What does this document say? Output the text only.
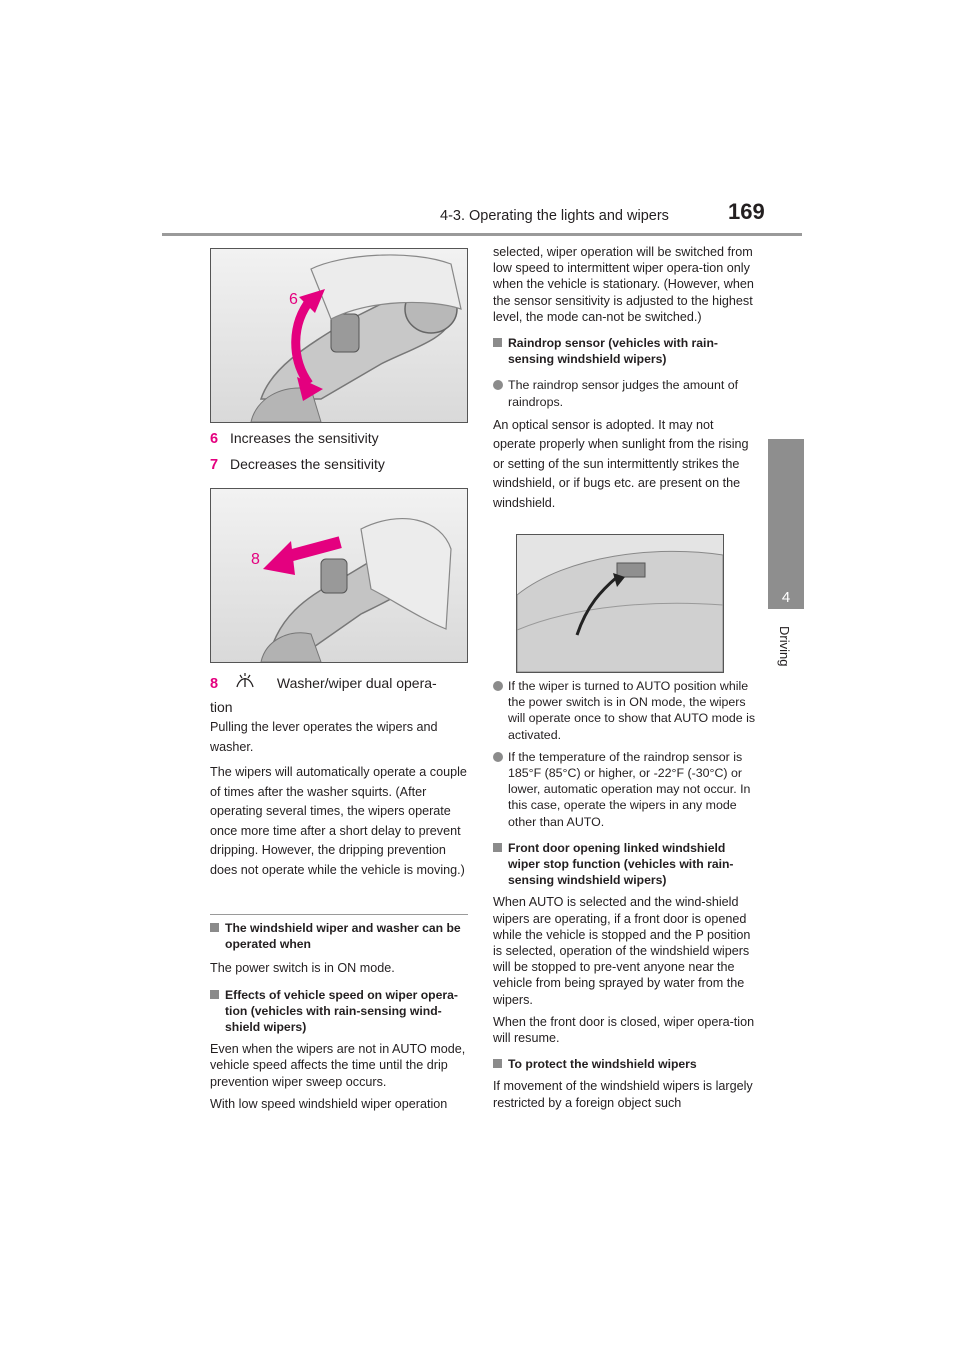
4-3. Operating the lights and wipers	169
4
Driving
6
7
8
6 Increases the sensitivity
7 Decreases the sensitivity
8	Washer/wiper dual opera-
tion

Pulling the lever operates the wipers and washer.

The wipers will automatically operate a couple of times after the washer squirts. (After operating several times, the wipers operate once more time after a short delay to prevent dripping. However, the dripping prevention does not operate while the vehicle is moving.)

The windshield wiper and washer can be operated when

The power switch is in ON mode.

Effects of vehicle speed on wiper opera-tion (vehicles with rain-sensing wind-shield wipers)

Even when the wipers are not in AUTO mode, vehicle speed affects the time until the drip prevention wiper sweep occurs.

With low speed windshield wiper operation

selected, wiper operation will be switched from low speed to intermittent wiper opera-tion only when the vehicle is stationary. (However, when the sensor sensitivity is adjusted to the highest level, the mode can-not be switched.)

Raindrop sensor (vehicles with rain-sensing windshield wipers)

The raindrop sensor judges the amount of raindrops.

An optical sensor is adopted. It may not operate properly when sunlight from the rising or setting of the sun intermittently strikes the windshield, or if bugs etc. are present on the windshield.

If the wiper is turned to AUTO position while the power switch is in ON mode, the wipers will operate once to show that AUTO mode is activated.

If the temperature of the raindrop sensor is 185°F (85°C) or higher, or -22°F (-30°C) or lower, automatic operation may not occur. In this case, operate the wipers in any mode other than AUTO.

Front door opening linked windshield wiper stop function (vehicles with rain-sensing windshield wipers)

When AUTO is selected and the wind-shield wipers are operating, if a front door is opened while the vehicle is stopped and the P position is selected, operation of the windshield wipers will be stopped to pre-vent anyone near the vehicle from being sprayed by water from the wipers.

When the front door is closed, wiper opera-tion will resume.

To protect the windshield wipers

If movement of the windshield wipers is largely restricted by a foreign object such
